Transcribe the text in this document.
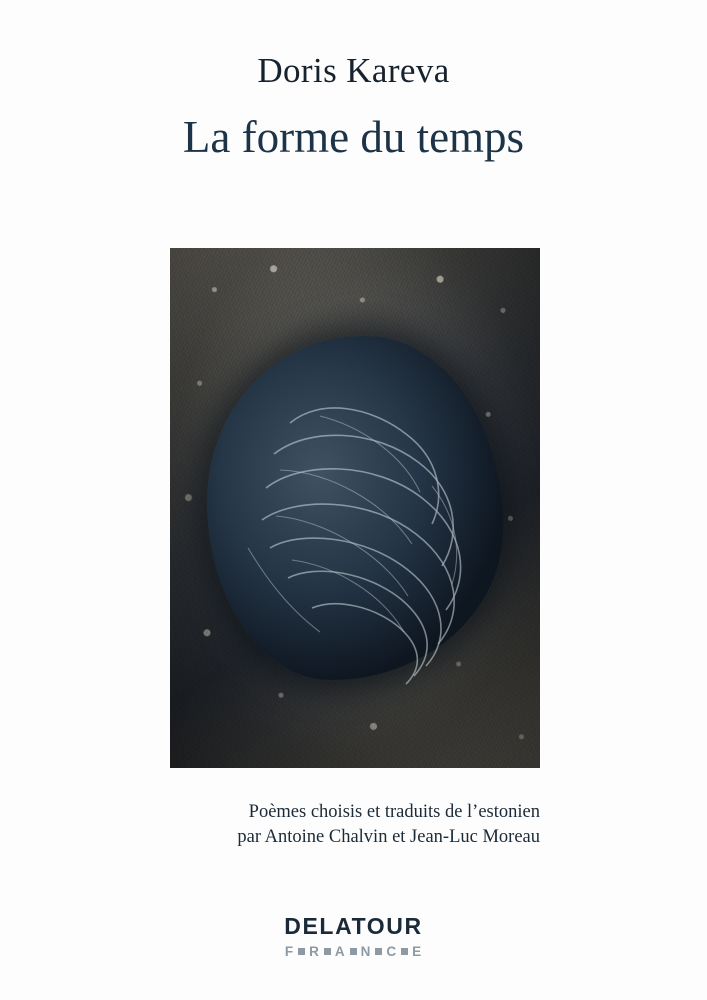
Doris Kareva
La forme du temps
Poèmes choisis et traduits de l’estonien
par Antoine Chalvin et Jean-Luc Moreau
DELATOUR
F R A N C E
